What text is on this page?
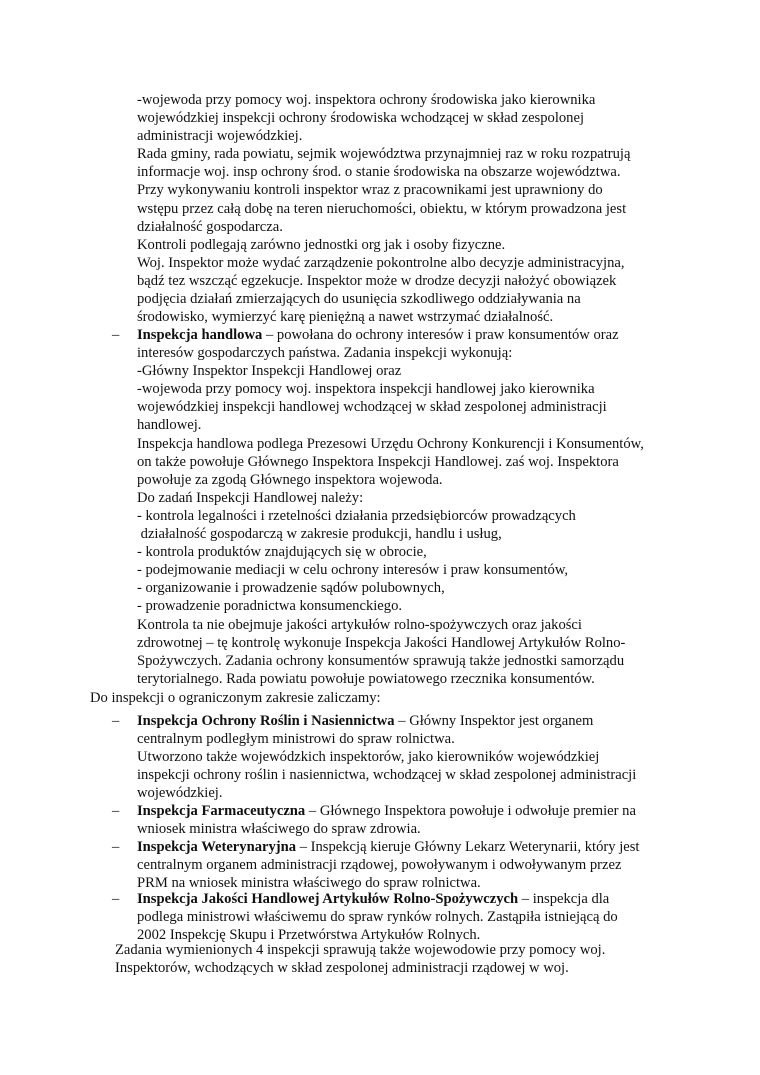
-wojewoda przy pomocy woj. inspektora ochrony środowiska jako kierownika
wojewódzkiej inspekcji ochrony środowiska wchodzącej w skład zespolonej
administracji wojewódzkiej.
Rada gminy, rada powiatu, sejmik województwa przynajmniej raz w roku rozpatrują
informacje woj. insp ochrony środ. o stanie środowiska na obszarze województwa.
Przy wykonywaniu kontroli inspektor wraz z pracownikami jest uprawniony do
wstępu przez całą dobę na teren nieruchomości, obiektu, w którym prowadzona jest
działalność gospodarcza.
Kontroli podlegają zarówno jednostki org jak i osoby fizyczne.
Woj. Inspektor może wydać zarządzenie pokontrolne albo decyzje administracyjna,
bądź tez wszcząć egzekucje. Inspektor może w drodze decyzji nałożyć obowiązek
podjęcia działań zmierzających do usunięcia szkodliwego oddziaływania na
środowisko, wymierzyć karę pieniężną a nawet wstrzymać działalność.
–	Inspekcja handlowa – powołana do ochrony interesów i praw konsumentów oraz
interesów gospodarczych państwa. Zadania inspekcji wykonują:
-Główny Inspektor Inspekcji Handlowej oraz
-wojewoda przy pomocy woj. inspektora inspekcji handlowej jako kierownika
wojewódzkiej inspekcji handlowej wchodzącej w skład zespolonej administracji
handlowej.
Inspekcja handlowa podlega Prezesowi Urzędu Ochrony Konkurencji i Konsumentów,
on także powołuje Głównego Inspektora Inspekcji Handlowej. zaś woj. Inspektora
powołuje za zgodą Głównego inspektora wojewoda.
Do zadań Inspekcji Handlowej należy:
- kontrola legalności i rzetelności działania przedsiębiorców prowadzących
działalność gospodarczą w zakresie produkcji, handlu i usług,
- kontrola produktów znajdujących się w obrocie,
- podejmowanie mediacji w celu ochrony interesów i praw konsumentów,
- organizowanie i prowadzenie sądów polubownych,
- prowadzenie poradnictwa konsumenckiego.
Kontrola ta nie obejmuje jakości artykułów rolno-spożywczych oraz jakości
zdrowotnej – tę kontrolę wykonuje Inspekcja Jakości Handlowej Artykułów Rolno-
Spożywczych. Zadania ochrony konsumentów sprawują także jednostki samorządu
terytorialnego. Rada powiatu powołuje powiatowego rzecznika konsumentów.
Do inspekcji o ograniczonym zakresie zaliczamy:
–	Inspekcja Ochrony Roślin i Nasiennictwa – Główny Inspektor jest organem
centralnym podległym ministrowi do spraw rolnictwa.
Utworzono także wojewódzkich inspektorów, jako kierowników wojewódzkiej
inspekcji ochrony roślin i nasiennictwa, wchodzącej w skład zespolonej administracji
wojewódzkiej.
–	Inspekcja Farmaceutyczna – Głównego Inspektora powołuje i odwołuje premier na
wniosek ministra właściwego do spraw zdrowia.
–	Inspekcja Weterynaryjna – Inspekcją kieruje Główny Lekarz Weterynarii, który jest
centralnym organem administracji rządowej, powoływanym i odwoływanym przez
PRM na wniosek ministra właściwego do spraw rolnictwa.
–	Inspekcja Jakości Handlowej Artykułów Rolno-Spożywczych – inspekcja dla
podlega ministrowi właściwemu do spraw rynków rolnych. Zastąpiła istniejącą do
2002 Inspekcję Skupu i Przetwórstwa Artykułów Rolnych.
Zadania wymienionych 4 inspekcji sprawują także wojewodowie przy pomocy woj.
Inspektorów, wchodzących w skład zespolonej administracji rządowej w woj.
